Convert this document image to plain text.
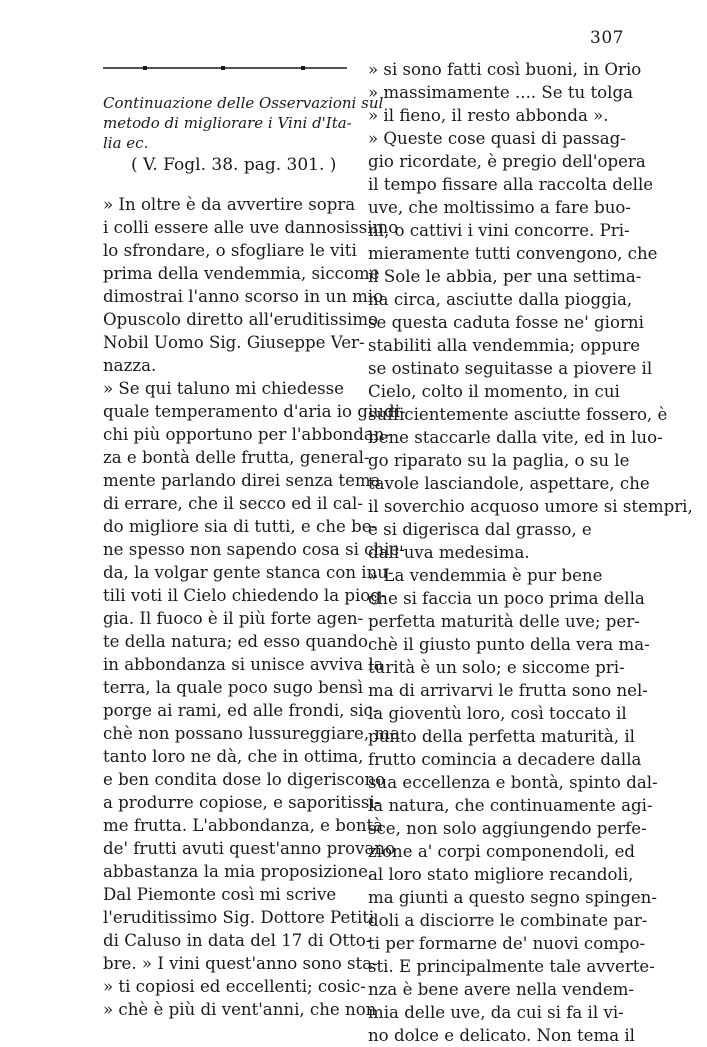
307
Continuazione delle Osservazioni sul
metodo di migliorare i Vini d'Ita-
lia ec.
( V. Fogl. 38. pag. 301. )
» In oltre è da avvertire sopra
i colli essere alle uve dannosissimo
lo sfrondare, o sfogliare le viti
prima della vendemmia, siccome
dimostrai l'anno scorso in un mio
Opuscolo diretto all'eruditissimo
Nobil Uomo Sig. Giuseppe Ver-
nazza.
» Se qui taluno mi chiedesse
quale temperamento d'aria io giudi-
chi più opportuno per l'abbondan-
za e bontà delle frutta, general-
mente parlando direi senza tema
di errare, che il secco ed il cal-
do migliore sia di tutti, e che be-
ne spesso non sapendo cosa si chie-
da, la volgar gente stanca con inu-
tili voti il Cielo chiedendo la piog-
gia. Il fuoco è il più forte agen-
te della natura; ed esso quando
in abbondanza si unisce avviva la
terra, la quale poco sugo bensì
porge ai rami, ed alle frondi, sic-
chè non possano lussureggiare, ma
tanto loro ne dà, che in ottima,
e ben condita dose lo digeriscono
a produrre copiose, e saporitissi-
me frutta. L'abbondanza, e bontà
de' frutti avuti quest'anno provano
abbastanza la mia proposizione.
Dal Piemonte così mi scrive
l'eruditissimo Sig. Dottore Petiti
di Caluso in data del 17 di Otto-
bre. » I vini quest'anno sono sta-
» ti copiosi ed eccellenti; cosic-
» chè è più di vent'anni, che non
» si sono fatti così buoni, in Orio
» massimamente .... Se tu tolga
» il fieno, il resto abbonda ».
» Queste cose quasi di passag-
gio ricordate, è pregio dell'opera
il tempo fissare alla raccolta delle
uve, che moltissimo a fare buo-
ni, o cattivi i vini concorre. Pri-
mieramente tutti convengono, che
il Sole le abbia, per una settima-
na circa, asciutte dalla pioggia,
se questa caduta fosse ne' giorni
stabiliti alla vendemmia; oppure
se ostinato seguitasse a piovere il
Cielo, colto il momento, in cui
sufficientemente asciutte fossero, è
bene staccarle dalla vite, ed in luo-
go riparato su la paglia, o su le
tavole lasciandole, aspettare, che
il soverchio acquoso umore si stempri,
e si digerisca dal grasso, e
dall'uva medesima.
» La vendemmia è pur bene
che si faccia un poco prima della
perfetta maturità delle uve; per-
chè il giusto punto della vera ma-
turità è un solo; e siccome pri-
ma di arrivarvi le frutta sono nel-
la gioventù loro, così toccato il
punto della perfetta maturità, il
frutto comincia a decadere dalla
sua eccellenza e bontà, spinto dal-
la natura, che continuamente agi-
sce, non solo aggiungendo perfe-
zione a' corpi componendoli, ed
al loro stato migliore recandoli,
ma giunti a questo segno spingen-
doli a disciorre le combinate par-
ti per formarne de' nuovi compo-
sti. E principalmente tale avverte-
nza è bene avere nella vendem-
mia delle uve, da cui si fa il vi-
no dolce e delicato. Non tema il
